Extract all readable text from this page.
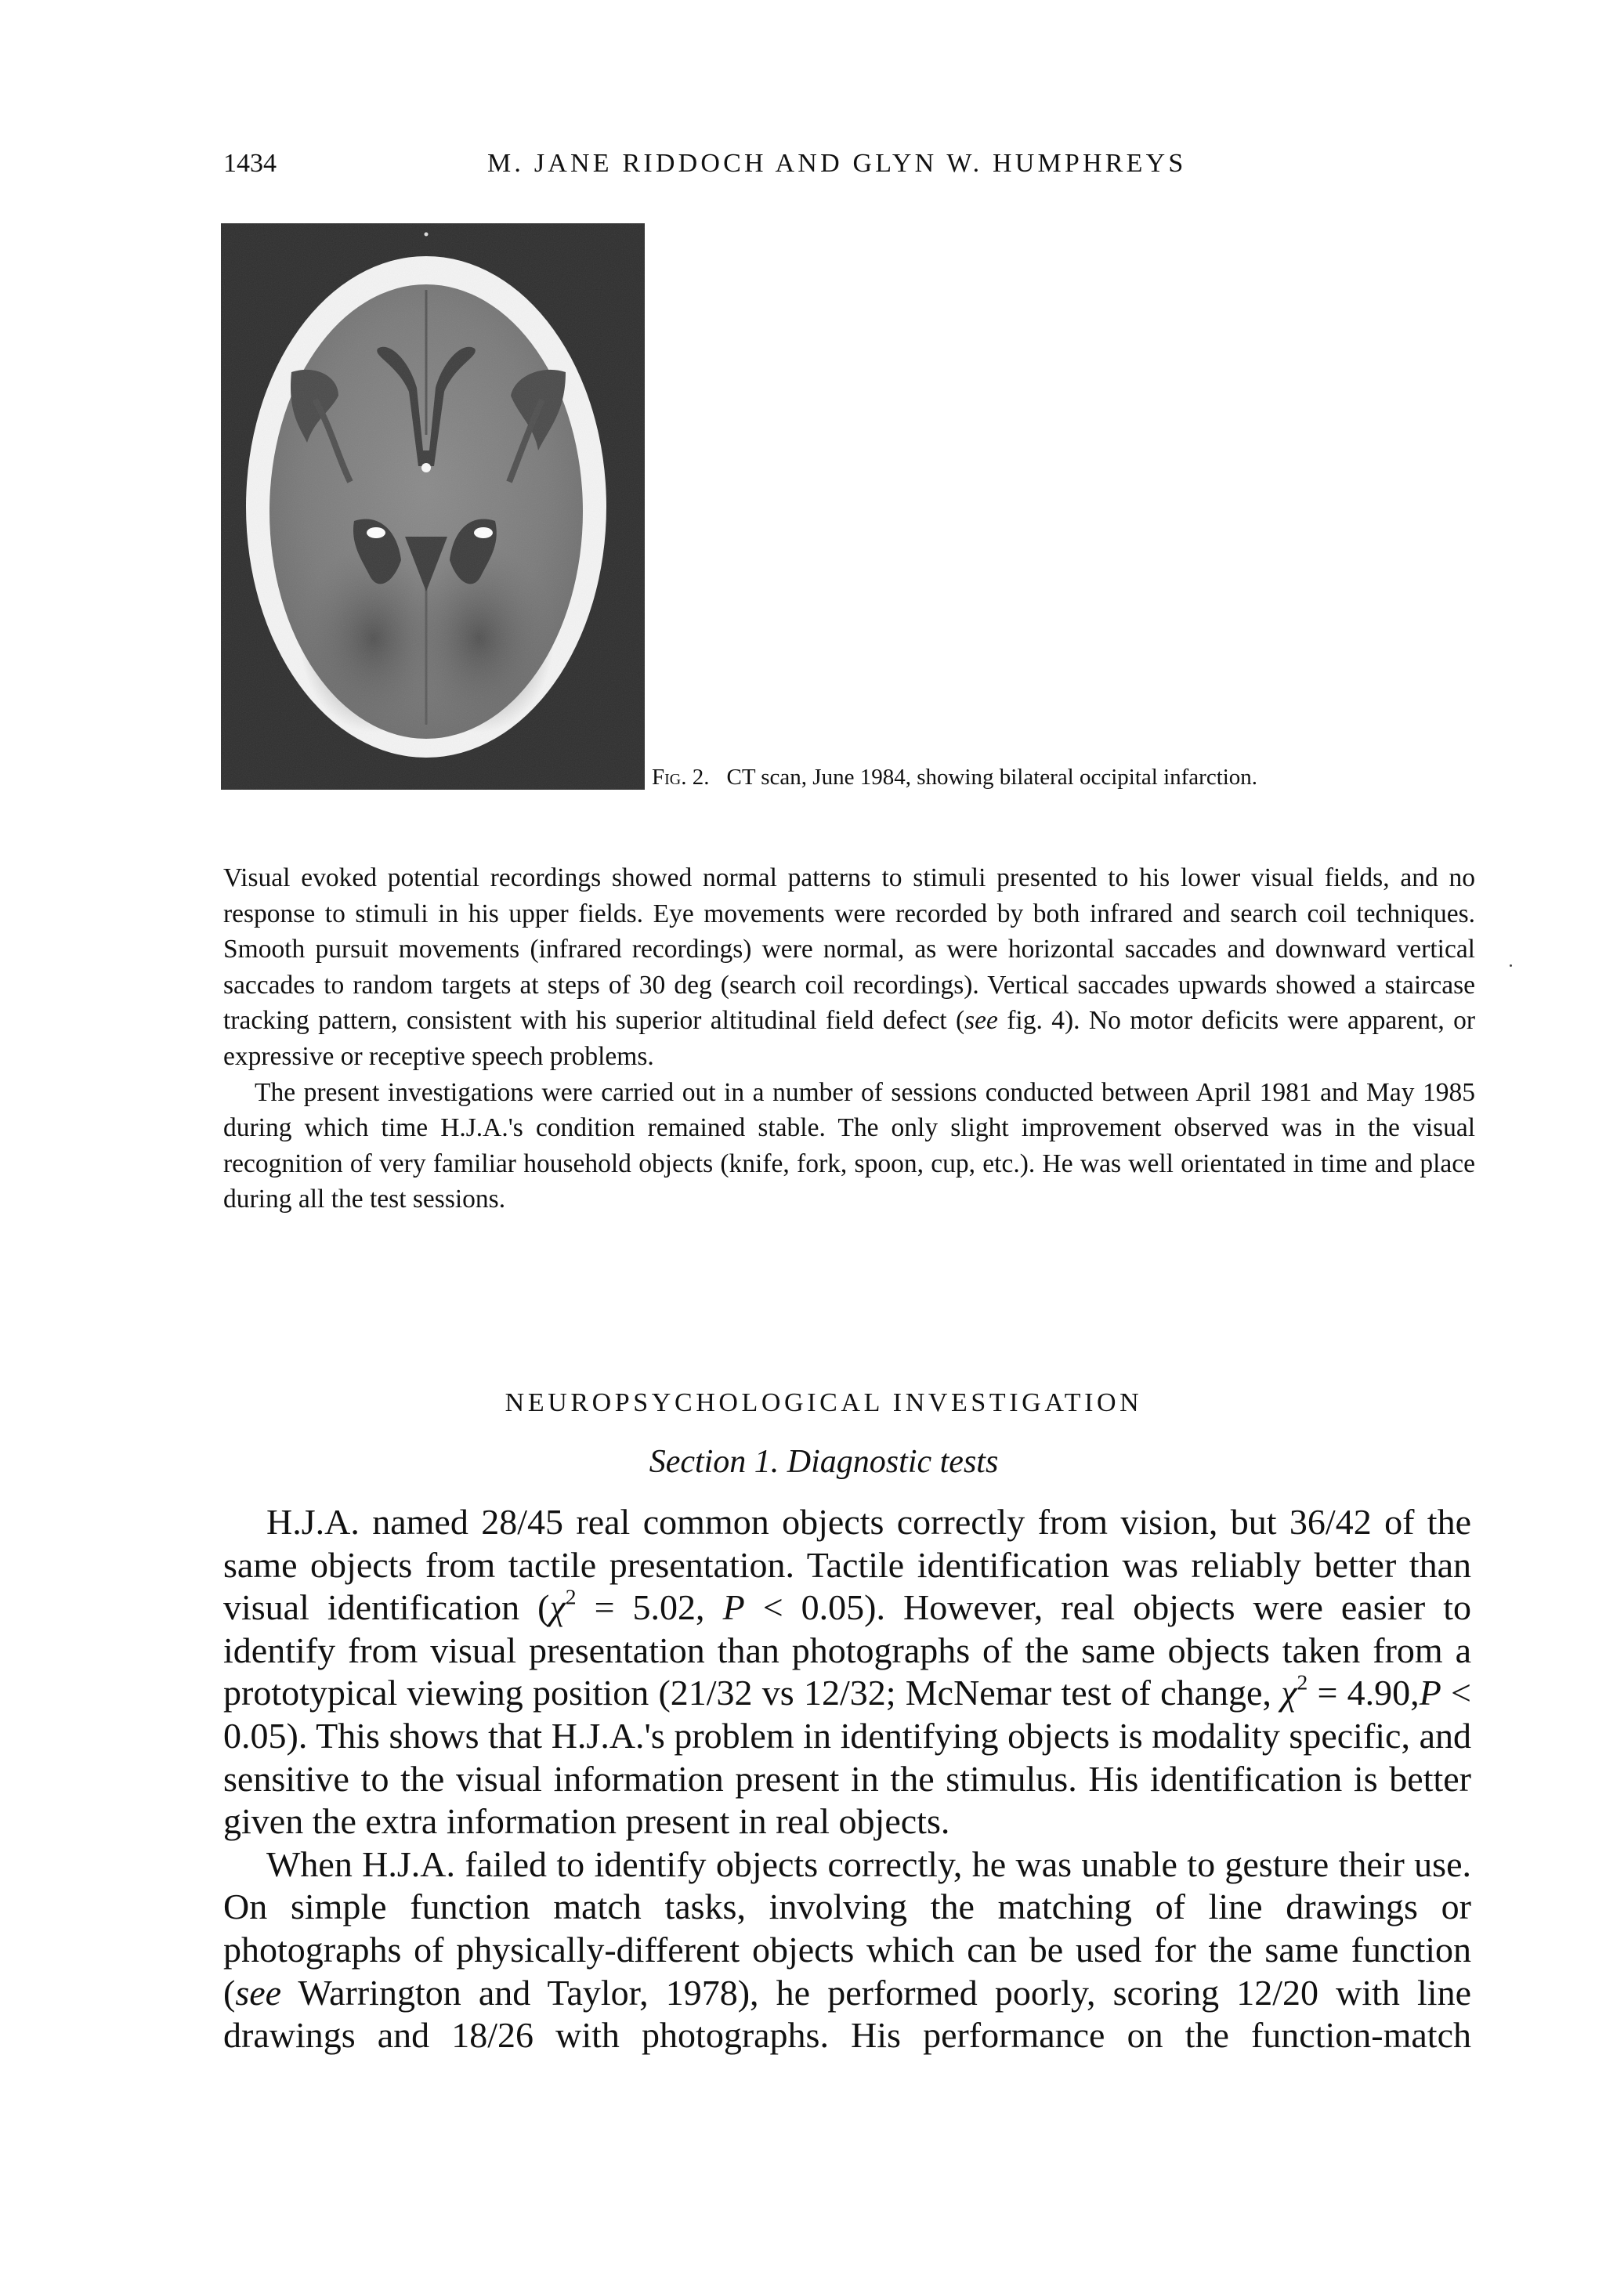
1434	M. JANE RIDDOCH AND GLYN W. HUMPHREYS
Fig. 2. CT scan, June 1984, showing bilateral occipital infarction.

Visual evoked potential recordings showed normal patterns to stimuli presented to his lower visual fields, and no response to stimuli in his upper fields. Eye movements were recorded by both infrared and search coil techniques. Smooth pursuit movements (infrared recordings) were normal, as were horizontal saccades and downward vertical saccades to random targets at steps of 30 deg (search coil recordings). Vertical saccades upwards showed a staircase tracking pattern, consistent with his superior altitudinal field defect (see fig. 4). No motor deficits were apparent, or expressive or receptive speech problems.

The present investigations were carried out in a number of sessions conducted between April 1981 and May 1985 during which time H.J.A.'s condition remained stable. The only slight improvement observed was in the visual recognition of very familiar household objects (knife, fork, spoon, cup, etc.). He was well orientated in time and place during all the test sessions.

NEUROPSYCHOLOGICAL INVESTIGATION
Section 1. Diagnostic tests

H.J.A. named 28/45 real common objects correctly from vision, but 36/42 of the same objects from tactile presentation. Tactile identification was reliably better than visual identification ($\chi^2 = 5.02$, P < 0.05). However, real objects were easier to identify from visual presentation than photographs of the same objects taken from a prototypical viewing position (21/32 vs 12/32; McNemar test of change, $\chi^2 = 4.90,P < 0.05$). This shows that H.J.A.'s problem in identifying objects is modality specific, and sensitive to the visual information present in the stimulus. His identification is better given the extra information present in real objects.

When H.J.A. failed to identify objects correctly, he was unable to gesture their use. On simple function match tasks, involving the matching of line drawings or photographs of physically-different objects which can be used for the same function (see Warrington and Taylor, 1978), he performed poorly, scoring 12/20 with line drawings and 18/26 with photographs. His performance on the function-match
